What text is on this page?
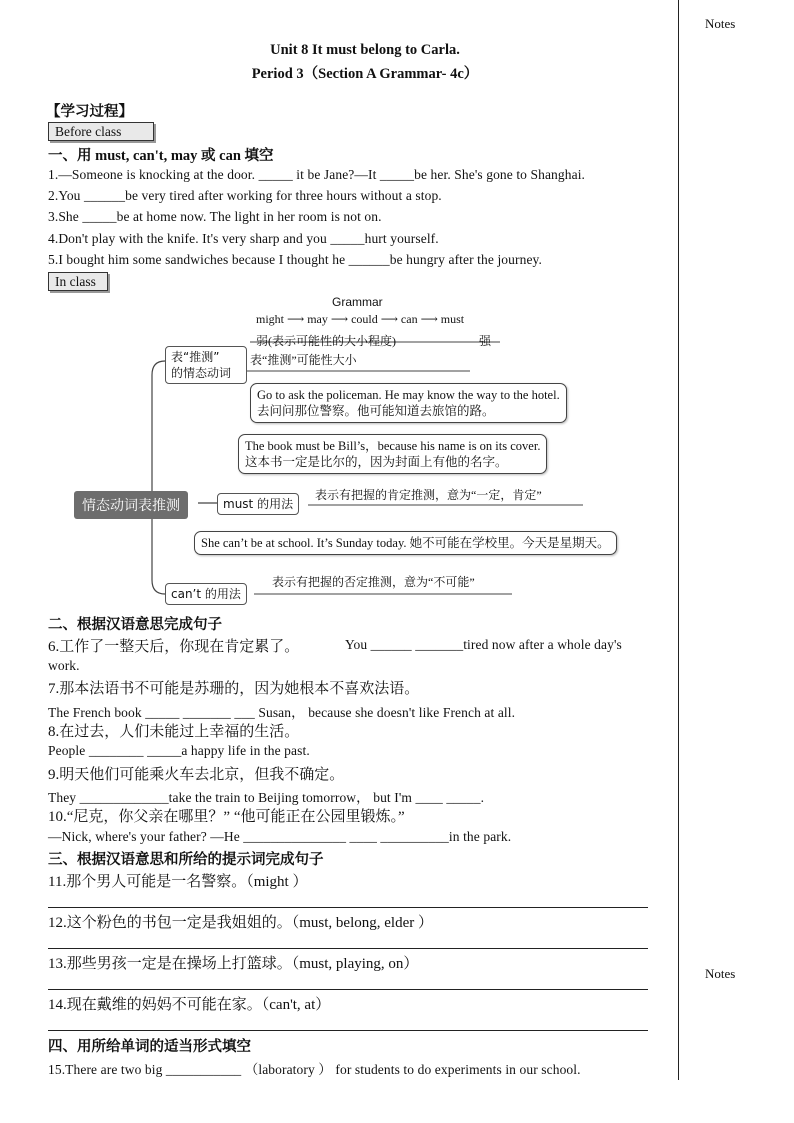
Notes
Notes
Unit 8 It must belong to Carla.
Period 3（Section A Grammar- 4c）
【学习过程】
Before class
一、用 must, can't, may 或 can 填空
1.—Someone is knocking at the door. _____ it be Jane?—It _____be her. She's gone to Shanghai.
2.You ______be very tired after working for three hours without a stop.
3.She _____be at home now. The light in her room is not on.
4.Don't play with the knife. It's very sharp and you _____hurt yourself.
5.I bought him some sandwiches because I thought he ______be hungry after the journey.
In class
Grammar
might ⟶ may ⟶ could ⟶ can ⟶ must
弱(表示可能性的大小程度)	强
表“推测”
的情态动词
表“推测”可能性大小
Go to ask the policeman. He may know the way to the hotel.
去问问那位警察。他可能知道去旅馆的路。
The book must be Bill’s，because his name is on its cover.
这本书一定是比尔的，因为封面上有他的名字。
情态动词表推测	must 的用法
表示有把握的肯定推测，意为“一定，肯定”
She can’t be at school. It’s Sunday today. 她不可能在学校里。今天是星期天。
can’t 的用法
表示有把握的否定推测，意为“不可能”
二、根据汉语意思完成句子
6.工作了一整天后，你现在肯定累了。	You ______ _______tired now after a whole day's
work.
7.那本法语书不可能是苏珊的，因为她根本不喜欢法语。
The French book _____ _______ ___ Susan， because she doesn't like French at all.
8.在过去，人们未能过上幸福的生活。
People ________ _____a happy life in the past.
9.明天他们可能乘火车去北京，但我不确定。
They _____________take the train to Beijing tomorrow， but I'm ____ _____.
10.“尼克，你父亲在哪里？” “他可能正在公园里锻炼。”
—Nick, where's your father? —He _______________ ____ __________in the park.
三、根据汉语意思和所给的提示词完成句子
11.那个男人可能是一名警察。（might ）
12.这个粉色的书包一定是我姐姐的。（must, belong, elder ）
13.那些男孩一定是在操场上打篮球。（must, playing, on）
14.现在戴维的妈妈不可能在家。（can't, at）
四、用所给单词的适当形式填空
15.There are two big ___________ （laboratory ） for students to do experiments in our school.
